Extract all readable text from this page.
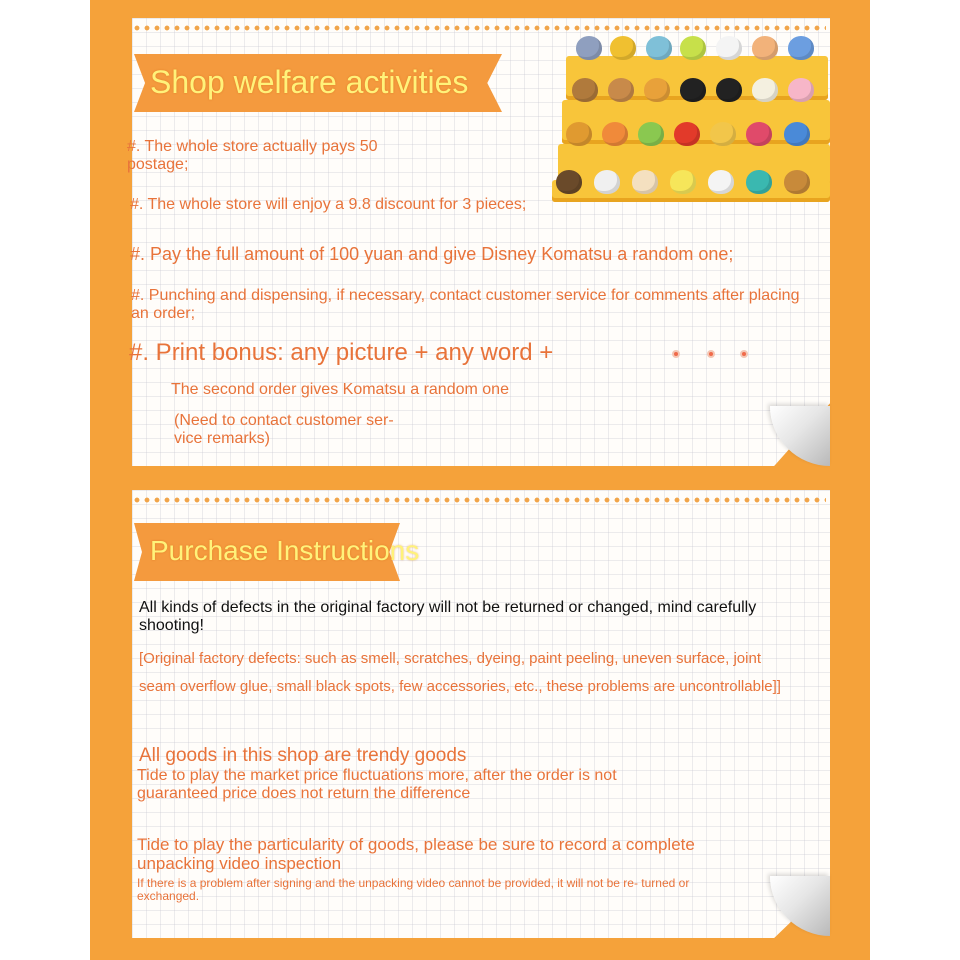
Shop welfare activities
#. The whole store actually pays 50 postage;
#. The whole store will enjoy a 9.8 discount for 3 pieces;
#. Pay the full amount of 100 yuan and give Disney Komatsu a random one;
#. Punching and dispensing, if necessary, contact customer service for comments after placing an order;
#. Print bonus: any picture + any word +
The second order gives Komatsu a random one
(Need to contact customer ser- vice remarks)
Purchase Instructions
All kinds of defects in the original factory will not be returned or changed, mind carefully shooting!
[Original factory defects: such as smell, scratches, dyeing, paint peeling, uneven surface, joint
seam overflow glue, small black spots, few accessories, etc., these problems are uncontrollable]]
All goods in this shop are trendy goods
Tide to play the market price fluctuations more, after the order is not guaranteed price does not return the difference
Tide to play the particularity of goods, please be sure to record a complete unpacking video inspection
If there is a problem after signing and the unpacking video cannot be provided, it will not be re- turned or exchanged.
